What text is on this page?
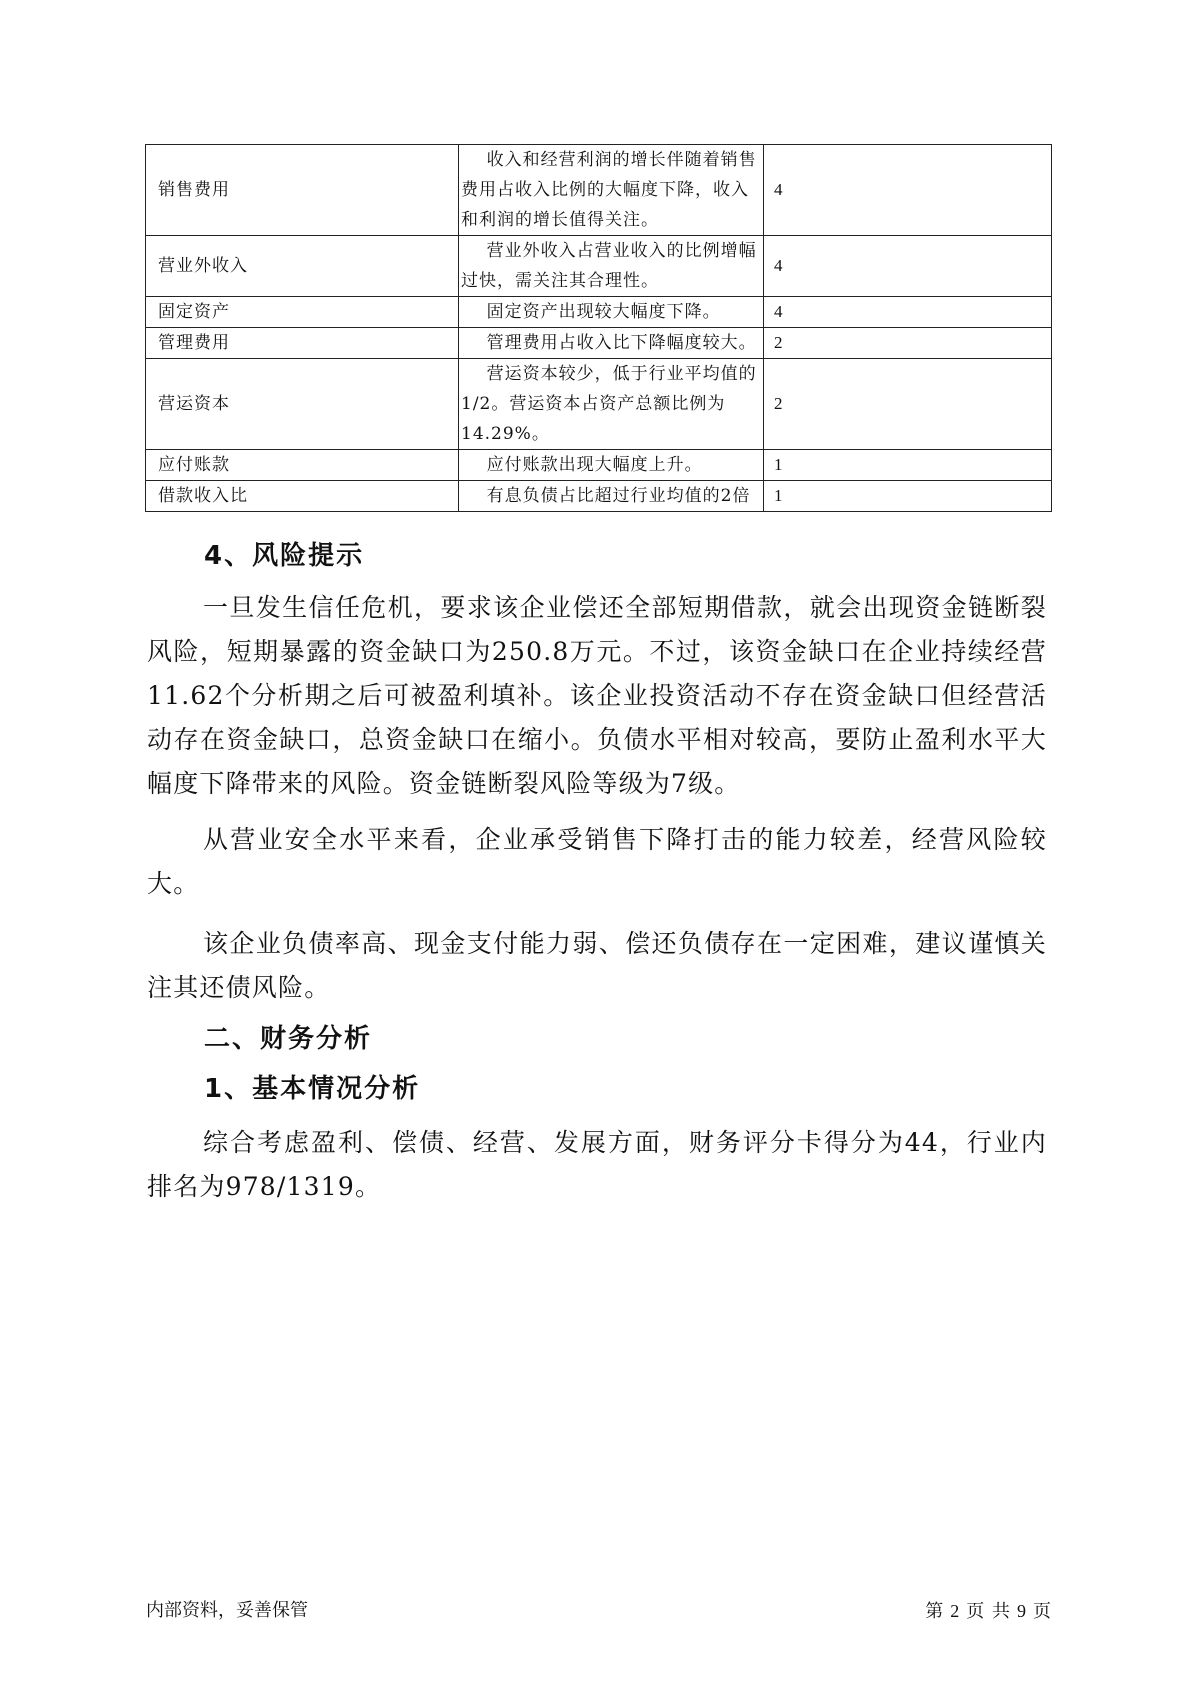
销售费用	收入和经营利润的增长伴随着销售费用占收入比例的大幅度下降，收入和利润的增长值得关注。	4
营业外收入	营业外收入占营业收入的比例增幅过快，需关注其合理性。	4
固定资产	固定资产出现较大幅度下降。	4
管理费用	管理费用占收入比下降幅度较大。	2
营运资本	营运资本较少，低于行业平均值的1/2。营运资本占资产总额比例为14.29%。	2
应付账款	应付账款出现大幅度上升。	1
借款收入比	有息负债占比超过行业均值的2倍	1
4、风险提示
一旦发生信任危机，要求该企业偿还全部短期借款，就会出现资金链断裂风险，短期暴露的资金缺口为250.8万元。不过，该资金缺口在企业持续经营 11.62个分析期之后可被盈利填补。该企业投资活动不存在资金缺口但经营活动存在资金缺口，总资金缺口在缩小。负债水平相对较高，要防止盈利水平大幅度下降带来的风险。资金链断裂风险等级为7级。
从营业安全水平来看，企业承受销售下降打击的能力较差，经营风险较大。
该企业负债率高、现金支付能力弱、偿还负债存在一定困难，建议谨慎关注其还债风险。
二、财务分析
1、基本情况分析
综合考虑盈利、偿债、经营、发展方面，财务评分卡得分为44，行业内排名为978/1319。
内部资料，妥善保管	第 2 页 共 9 页
